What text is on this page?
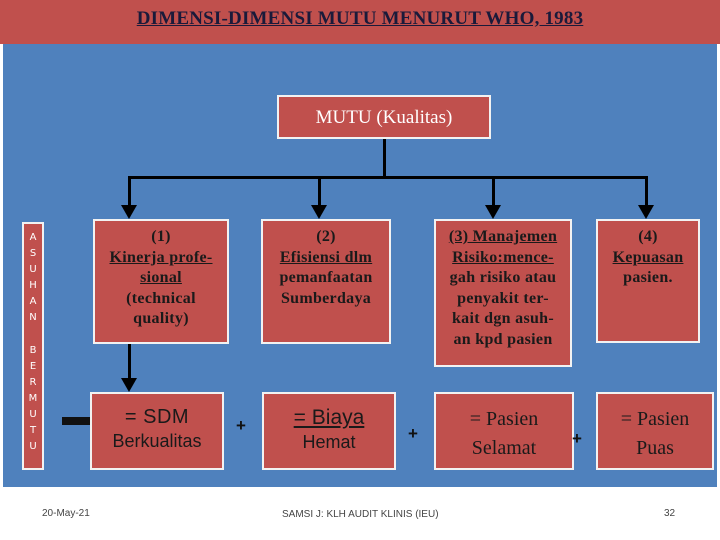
DIMENSI-DIMENSI MUTU MENURUT WHO, 1983
MUTU (Kualitas)
(1)
Kinerja profe-
sional
(technical
quality)
(2)
Efisiensi dlm
pemanfaatan
Sumberdaya
(3) Manajemen
Risiko:mence-
gah risiko atau
penyakit ter-
kait dgn asuh-
an kpd pasien
(4)
Kepuasan
pasien.
A
S
U
H
A
N
B
E
R
M
U
T
U
= SDM
Berkualitas
+	= Biaya
Hemat	+
= Pasien
Selamat	+
= Pasien
Puas
20-May-21	SAMSI J: KLH AUDIT KLINIS (IEU)	32
